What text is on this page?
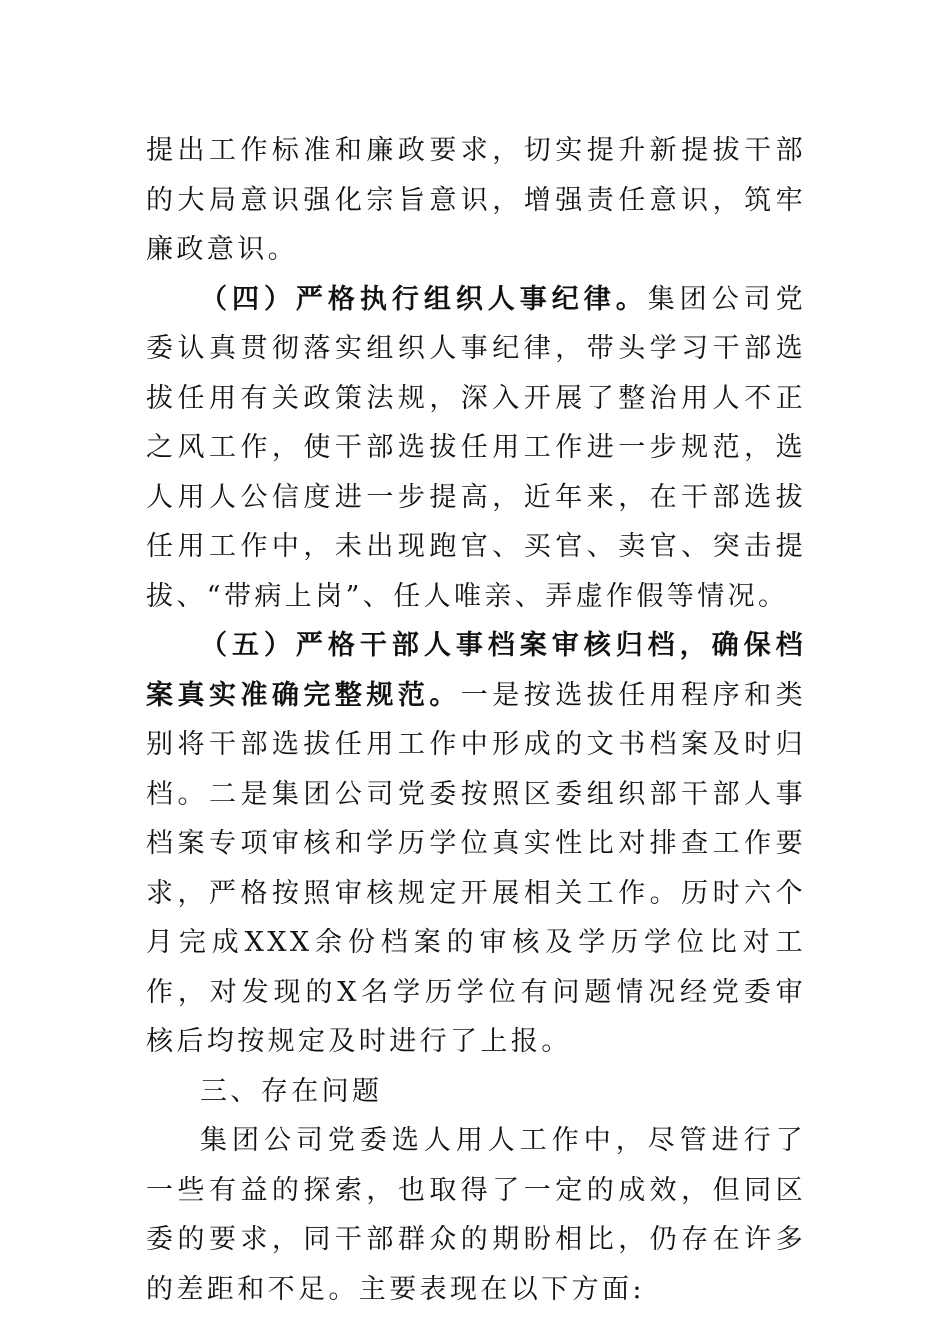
提出工作标准和廉政要求，切实提升新提拔干部的大局意识强化宗旨意识，增强责任意识，筑牢廉政意识。

（四）严格执行组织人事纪律。集团公司党委认真贯彻落实组织人事纪律，带头学习干部选拔任用有关政策法规，深入开展了整治用人不正之风工作，使干部选拔任用工作进一步规范，选人用人公信度进一步提高，近年来，在干部选拔任用工作中，未出现跑官、买官、卖官、突击提拔、“带病上岗”、任人唯亲、弄虚作假等情况。

（五）严格干部人事档案审核归档，确保档案真实准确完整规范。一是按选拔任用程序和类别将干部选拔任用工作中形成的文书档案及时归档。二是集团公司党委按照区委组织部干部人事档案专项审核和学历学位真实性比对排查工作要求，严格按照审核规定开展相关工作。历时六个月完成XXX余份档案的审核及学历学位比对工作，对发现的X名学历学位有问题情况经党委审核后均按规定及时进行了上报。

三、存在问题

集团公司党委选人用人工作中，尽管进行了一些有益的探索，也取得了一定的成效，但同区委的要求，同干部群众的期盼相比，仍存在许多的差距和不足。主要表现在以下方面:
